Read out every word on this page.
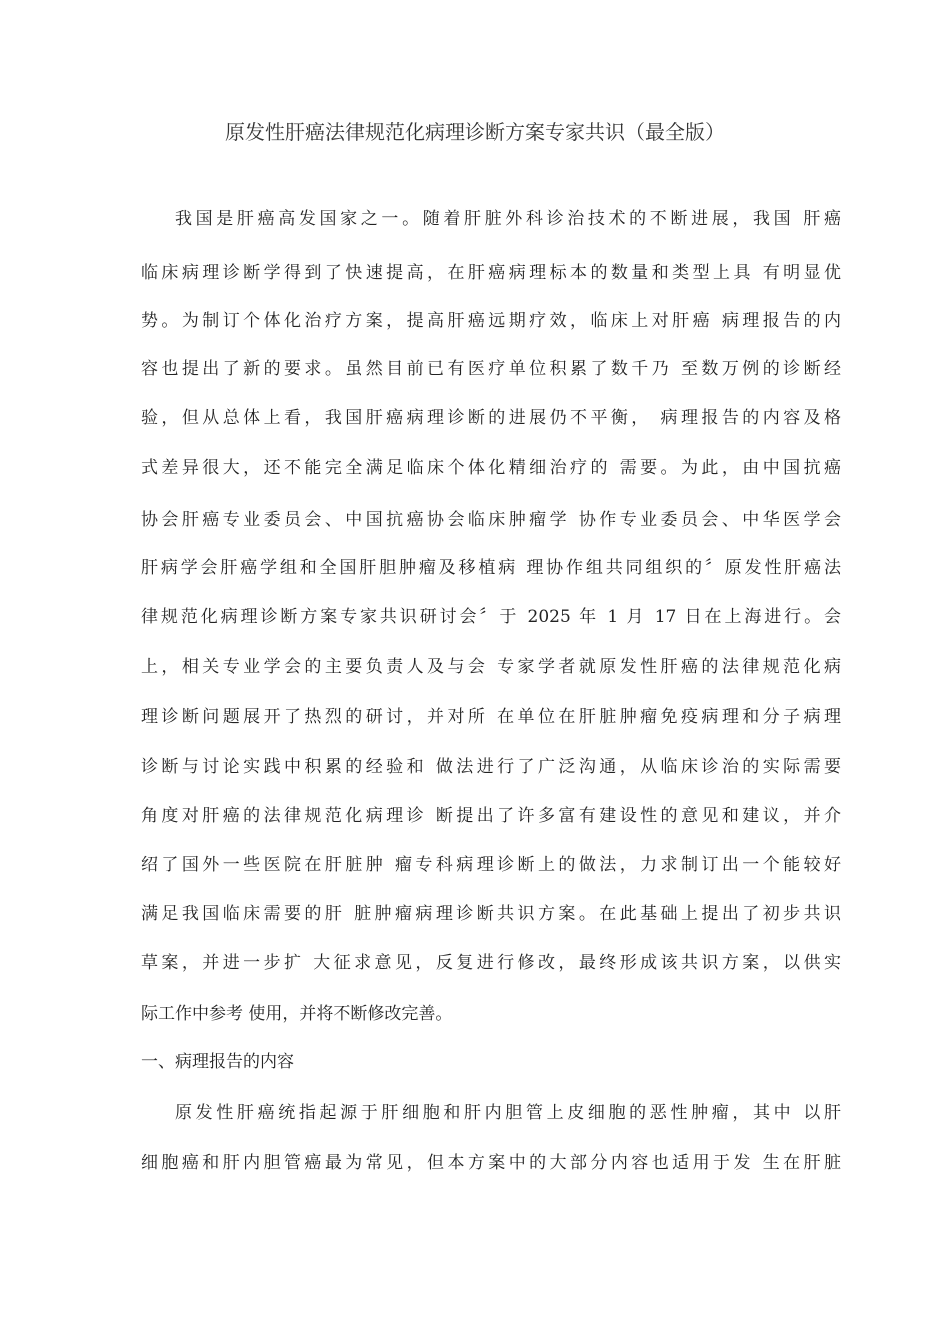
原发性肝癌法律规范化病理诊断方案专家共识（最全版）
我国是肝癌高发国家之一。随着肝脏外科诊治技术的不断进展，我国 肝癌
临床病理诊断学得到了快速提高，在肝癌病理标本的数量和类型上具 有明显优
势。为制订个体化治疗方案，提高肝癌远期疗效，临床上对肝癌 病理报告的内
容也提出了新的要求。虽然目前已有医疗单位积累了数千乃 至数万例的诊断经
验，但从总体上看，我国肝癌病理诊断的进展仍不平衡， 病理报告的内容及格
式差异很大，还不能完全满足临床个体化精细治疗的 需要。为此，由中国抗癌
协会肝癌专业委员会、中国抗癌协会临床肿瘤学 协作专业委员会、中华医学会
肝病学会肝癌学组和全国肝胆肿瘤及移植病 理协作组共同组织的〞原发性肝癌法
律规范化病理诊断方案专家共识研讨会〞于 2025 年 1 月 17 日在上海进行。会
上，相关专业学会的主要负责人及与会 专家学者就原发性肝癌的法律规范化病
理诊断问题展开了热烈的研讨，并对所 在单位在肝脏肿瘤免疫病理和分子病理
诊断与讨论实践中积累的经验和 做法进行了广泛沟通，从临床诊治的实际需要
角度对肝癌的法律规范化病理诊 断提出了许多富有建设性的意见和建议，并介
绍了国外一些医院在肝脏肿 瘤专科病理诊断上的做法，力求制订出一个能较好
满足我国临床需要的肝 脏肿瘤病理诊断共识方案。在此基础上提出了初步共识
草案，并进一步扩 大征求意见，反复进行修改，最终形成该共识方案，以供实
际工作中参考 使用，并将不断修改完善。
一、病理报告的内容
原发性肝癌统指起源于肝细胞和肝内胆管上皮细胞的恶性肿瘤，其中 以肝
细胞癌和肝内胆管癌最为常见，但本方案中的大部分内容也适用于发 生在肝脏
